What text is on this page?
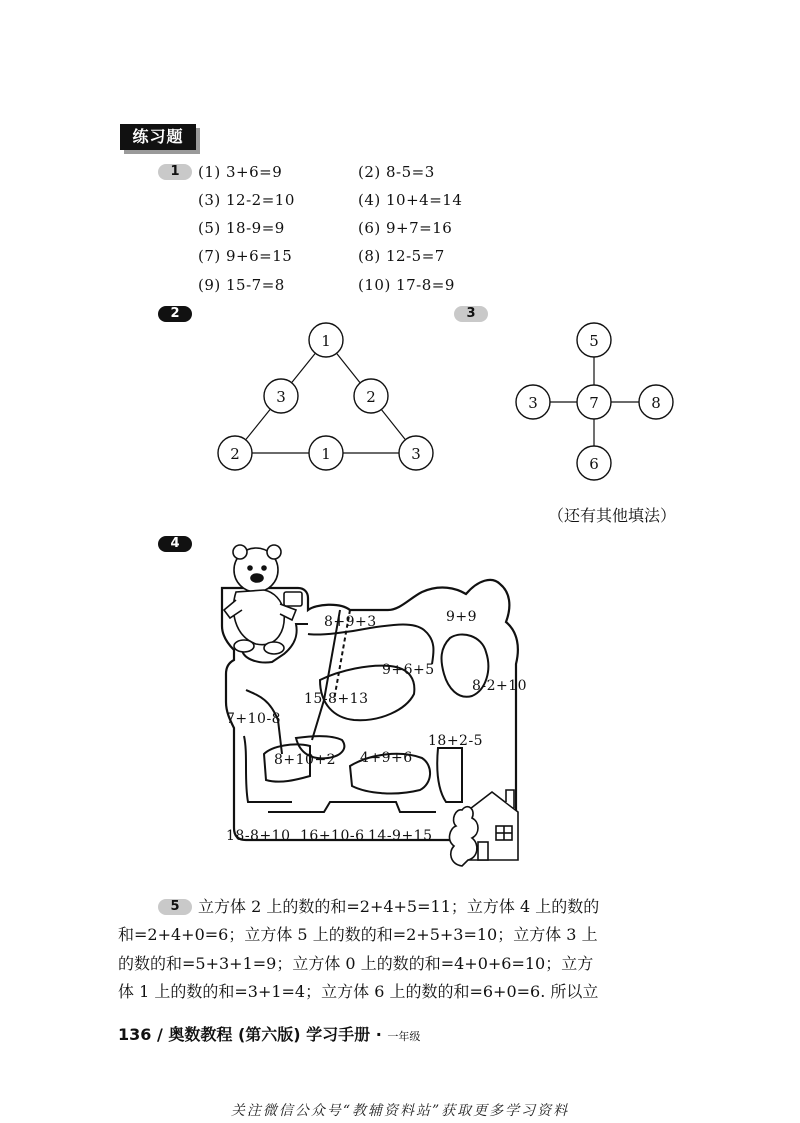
练习题
1	(1) 3+6=9	(2) 8-5=3
(3) 12-2=10	(4) 10+4=14
(5) 18-9=9	(6) 9+7=16
(7) 9+6=15	(8) 12-5=7
(9) 15-7=8	(10) 17-8=9
2	3
1
3	2
2	1	3
5
3	7	8
6
（还有其他填法）
4
8+9+3	9+9
9+6+5
8-2+10
15-8+13
7+10-8
18+2-5
8+10+2 4+9+6
18-8+10 16+10-6 14-9+15
5	立方体 2 上的数的和=2+4+5=11；立方体 4 上的数的
和=2+4+0=6；立方体 5 上的数的和=2+5+3=10；立方体 3 上
的数的和=5+3+1=9；立方体 0 上的数的和=4+0+6=10；立方
体 1 上的数的和=3+1=4；立方体 6 上的数的和=6+0=6. 所以立
136 / 奥数教程 (第六版) 学习手册 · 一年级
关注微信公众号“教辅资料站”获取更多学习资料
